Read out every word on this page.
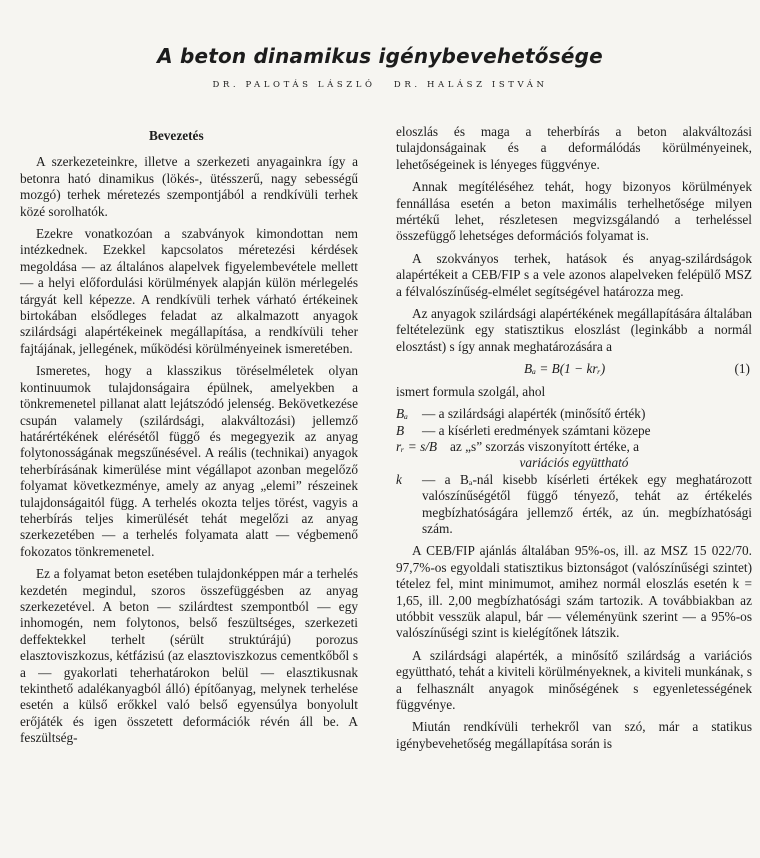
A beton dinamikus igénybevehetősége
DR. PALOTÁS LÁSZLÓ DR. HALÁSZ ISTVÁN
Bevezetés

A szerkezeteinkre, illetve a szerkezeti anyagainkra így a betonra ható dinamikus (lökés-, ütésszerű, nagy sebességű mozgó) terhek méretezés szempontjából a rendkívüli terhek közé sorolhatók.

Ezekre vonatkozóan a szabványok kimondottan nem intézkednek. Ezekkel kapcsolatos méretezési kérdések megoldása — az általános alapelvek figyelembevétele mellett — a helyi előfordulási körülmények alapján külön mérlegelés tárgyát kell képezze. A rendkívüli terhek várható értékeinek birtokában elsődleges feladat az alkalmazott anyagok szilárdsági alapértékeinek megállapítása, a rendkívüli teher fajtájának, jellegének, működési körülményeinek ismeretében.

Ismeretes, hogy a klasszikus töréselméletek olyan kontinuumok tulajdonságaira épülnek, amelyekben a tönkremenetel pillanat alatt lejátszódó jelenség. Bekövetkezése csupán valamely (szilárdsági, alakváltozási) jellemző határértékének elérésétől függő és megegyezik az anyag folytonosságának megszűnésével. A reális (technikai) anyagok teherbírásának kimerülése mint végállapot azonban megelőző folyamat következménye, amely az anyag „elemi” részeinek tulajdonságaitól függ. A terhelés okozta teljes törést, vagyis a teherbírás teljes kimerülését tehát megelőzi az anyag szerkezetében — a terhelés folyamata alatt — végbemenő fokozatos tönkremenetel.

Ez a folyamat beton esetében tulajdonképpen már a terhelés kezdetén megindul, szoros összefüggésben az anyag szerkezetével. A beton — szilárdtest szempontból — egy inhomogén, nem folytonos, belső feszültséges, szerkezeti deffektekkel terhelt (sérült struktúrájú) porozus elasztoviszkozus, kétfázisú (az elasztoviszkozus cementkőből s a — gyakorlati teherhatárokon belül — elasztikusnak tekinthető adalékanyagból álló) építőanyag, melynek terhelése esetén a külső erőkkel való belső egyensúlya bonyolult erőjáték és igen összetett deformációk révén áll be. A feszültség-

eloszlás és maga a teherbírás a beton alakváltozási tulajdonságainak és a deformálódás körülményeinek, lehetőségeinek is lényeges függvénye.

Annak megítéléséhez tehát, hogy bizonyos körülmények fennállása esetén a beton maximális terhelhetősége milyen mértékű lehet, részletesen megvizsgálandó a terheléssel összefüggő lehetséges deformációs folyamat is.

A szokványos terhek, hatások és anyag-szilárdságok alapértékeit a CEB/FIP s a vele azonos alapelveken felépülő MSZ a félvalószínűség-elmélet segítségével határozza meg.

Az anyagok szilárdsági alapértékének megállapítására általában feltételezünk egy statisztikus eloszlást (leginkább a normál elosztást) s így annak meghatározására a

Bₐ = B(1 − krᵣ)	(1)

ismert formula szolgál, ahol

Bₐ	— a szilárdsági alapérték (minősítő érték)
B	— a kísérleti eredmények számtani közepe
rᵣ = s/B az „s” szorzás viszonyított értéke, a
variációs együttható
k	— a Bₐ-nál kisebb kísérleti értékek egy meghatározott valószínűségétől függő tényező, tehát az értékelés megbízhatóságára jellemző érték, az ún. megbízhatósági szám.

A CEB/FIP ajánlás általában 95%-os, ill. az MSZ 15 022/70. 97,7%-os egyoldali statisztikus biztonságot (valószínűségi szintet) tételez fel, mint minimumot, amihez normál eloszlás esetén k = 1,65, ill. 2,00 megbízhatósági szám tartozik. A továbbiakban az utóbbit vesszük alapul, bár — véleményünk szerint — a 95%-os valószínűségi szint is kielégítőnek látszik.

A szilárdsági alapérték, a minősítő szilárdság a variációs együttható, tehát a kiviteli körülményeknek, a kiviteli munkának, s a felhasznált anyagok minőségének s egyenletességének függvénye.

Miután rendkívüli terhekről van szó, már a statikus igénybevehetőség megállapítása során is
